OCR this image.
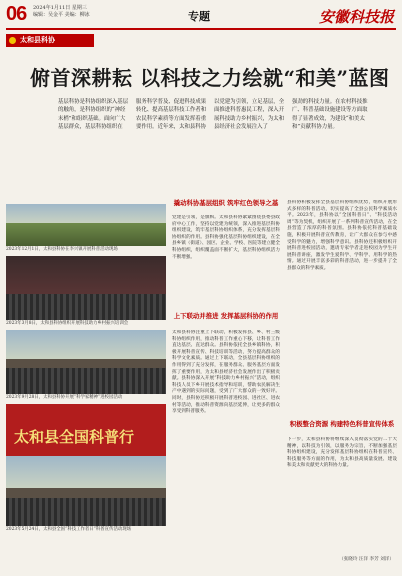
06 2024年1月11日 星期三
编辑：吴金平 美编：柳冰	专题	安徽科技报
太和县科协
俯首深耕耘 以科技之力绘就“和美”蓝图
基层科协是科协组织深入基层的触角，是科协组织的“神经末梢”和组织基础。面向广大基层群众，基层科协组织在
服务科学普及、促进科技成果转化、提高基层科技工作者和农民科学素质等方面发挥着重要作用。近年来，太和县科协
以党建为引领，立足基层，全面推进科普惠民工程，深入开展科技助力乡村振兴，为太和县经济社会发展注入了
强劲的科技力量。在农村科技推广、科普基础设施建设等方面取得了显著成效，为建设“和美太和”贡献科协力量。
2023年12月1日，太和县科协在李兴镇开展科普活动现场
2023年3月8日，太和县科协组织开展科技助力乡村振兴培训会
2023年9月28日，太和县科协开展“科学家精神”进校园活动
太和县全国科普行
2023年5月24日，太和县全国“科技工作者日”科普宣传活动现场
撬动科协基层组织 筑牢红色领导之基
党建是引领，是旗帜。太和县科协紧紧围绕县委县政府中心工作，坚持以党建为统领，深入推进基层科协组织建设，筑牢基层科协组织体系，充分发挥基层科协组织的作用。县科协强化基层科协组织建设，在全县乡镇（街道）、园区、企业、学校、医院等建立健全科协组织，组织覆盖面不断扩大，基层科协组织活力不断增强。
上下联动并推进 发挥基层科协的作用
太和县科协注重上下联动，积极发挥县、乡、村三级科协组织作用，推动科普工作重心下移，让科普工作直达基层、直达群众。县科协依托全县乡镇科协，积极开展科普宣传、科技培训等活动，努力提高群众的科学文化素质。通过上下联动，全县基层科协组织的作用得到了充分发挥，在服务群众、服务基层方面发挥了重要作用，为太和县经济社会发展作出了积极贡献。县科协深入开展“科技助力乡村振兴”活动，组织科技人员下乡开展技术指导和培训，帮助农民解决生产中遇到的实际问题，受到了广大群众的一致好评。同时，县科协还积极开展科普进校园、进社区、进农村等活动，推动科普资源向基层延伸，让更多的群众享受到科普服务。
县科协积极发挥全县基层科协组织优势，组织开展形式多样的科普活动，切实提高了全县公民科学素质水平。2023年，县科协以“全国科普日”、“科技活动周”等为契机，组织开展了一系列科普宣传活动，在全县营造了浓厚的科普氛围。县科协依托科普基础设施，积极开展科普宣传教育，让广大群众在参与中感受科学的魅力，增强科学意识。县科协还积极组织开展科普进校园活动，邀请专家学者走进校园为学生开展科普讲座，激发学生爱科学、学科学、用科学的热情。通过开展丰富多彩的科普活动，进一步提升了全县群众的科学素质。
积极整合资源 构建特色科普宣传体系
下一步，太和县科协将继续深入贯彻落实党的二十大精神，以科技为引领，以服务为宗旨，不断加强基层科协组织建设，充分发挥基层科协组织在科普宣传、科技服务等方面的作用，为太和县高质量发展、建设和美太和贡献更大的科协力量。
（张晓玲 汪洋 李芳 刘洋）
